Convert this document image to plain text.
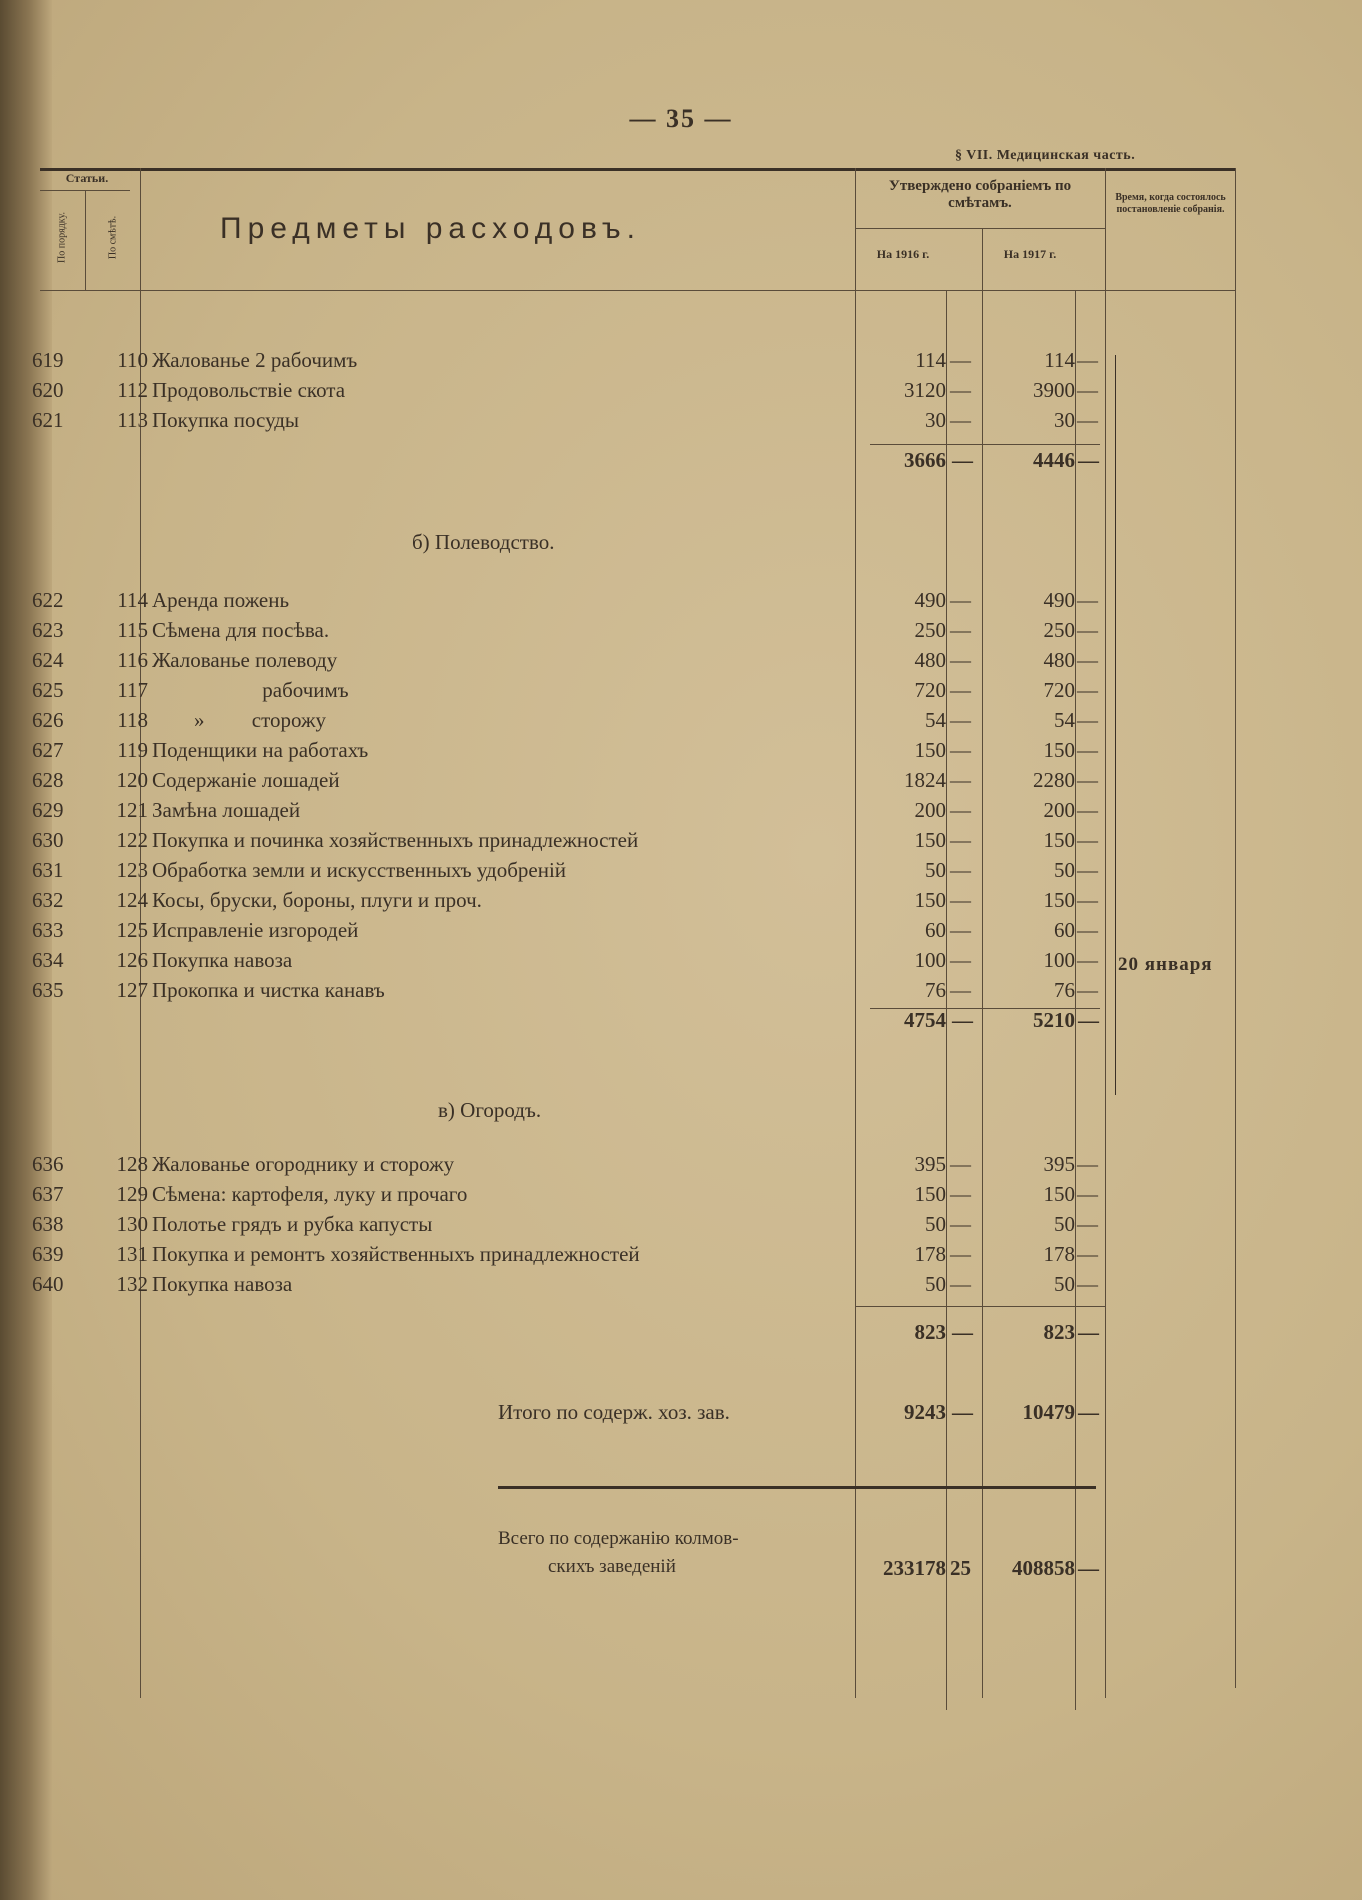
— 35 —
§ VII. Медицинская часть.
Статьи.
По порядку.	По смѣтѣ.	Предметы расходовъ.
Утверждено собраніемъ по смѣтамъ.
На 1916 г.	На 1917 г.
Время, когда состоялось постановленіе собранія.
619	110 Жалованье 2 рабочимъ	114 —	114 —
620	112 Продовольствіе скота	3120 —	3900 —
621	113 Покупка посуды	30 —	30 —
3666 —	4446 —
б) Полеводство.
622	114 Аренда пожень	490 —	490 —
623	115 Сѣмена для посѣва.	250 —	250 —
624	116 Жалованье полеводу	480 —	480 —
625	117 рабочимъ	720 —	720 —
626	118 »         сторожу	54 —	54 —
627	119 Поденщики на работахъ	150 —	150 —
628	120 Содержаніе лошадей	1824 —	2280 —
629	121 Замѣна лошадей	200 —	200 —
630	122 Покупка и починка хозяйственныхъ принадлежностей	150 —	150 —
631	123 Обработка земли и искусственныхъ удобреній	50 —	50 —
632	124 Косы, бруски, бороны, плуги и проч.	150 —	150 —
633	125 Исправленіе изгородей	60 —	60 —
634	126 Покупка навоза	100 —	100 —
635	127 Прокопка и чистка канавъ	76 —	76 —
4754 —	5210 —
20 января
в) Огородъ.
636	128 Жалованье огороднику и сторожу	395 —	395 —
637	129 Сѣмена: картофеля, луку и прочаго	150 —	150 —
638	130 Полотье грядъ и рубка капусты	50 —	50 —
639	131 Покупка и ремонтъ хозяйственныхъ принадлежностей	178 —	178 —
640	132 Покупка навоза	50 —	50 —
823 —	823 —
Итого по содерж. хоз. зав.	9243 —	10479 —
Всего по содержанію колмов-
скихъ заведеній	233178 25	408858 —
